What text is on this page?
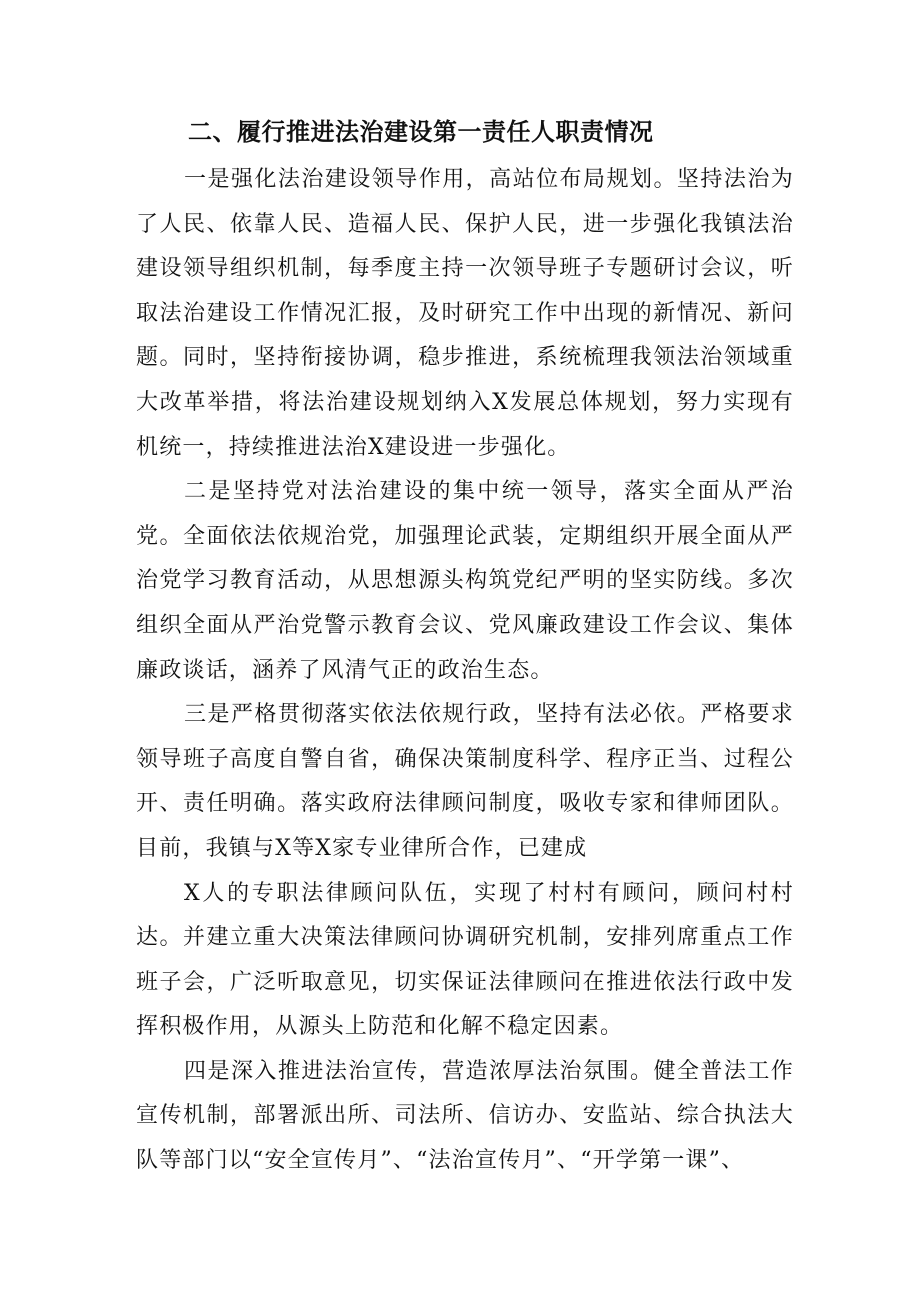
二、履行推进法治建设第一责任人职责情况

一是强化法治建设领导作用，高站位布局规划。坚持法治为了人民、依靠人民、造福人民、保护人民，进一步强化我镇法治建设领导组织机制，每季度主持一次领导班子专题研讨会议，听取法治建设工作情况汇报，及时研究工作中出现的新情况、新问题。同时，坚持衔接协调，稳步推进，系统梳理我领法治领域重大改革举措，将法治建设规划纳入X发展总体规划，努力实现有机统一，持续推进法治X建设进一步强化。

二是坚持党对法治建设的集中统一领导，落实全面从严治党。全面依法依规治党，加强理论武装，定期组织开展全面从严治党学习教育活动，从思想源头构筑党纪严明的坚实防线。多次组织全面从严治党警示教育会议、党风廉政建设工作会议、集体廉政谈话，涵养了风清气正的政治生态。

三是严格贯彻落实依法依规行政，坚持有法必依。严格要求领导班子高度自警自省，确保决策制度科学、程序正当、过程公开、责任明确。落实政府法律顾问制度，吸收专家和律师团队。目前，我镇与X等X家专业律所合作，已建成

X人的专职法律顾问队伍，实现了村村有顾问，顾问村村达。并建立重大决策法律顾问协调研究机制，安排列席重点工作班子会，广泛听取意见，切实保证法律顾问在推进依法行政中发挥积极作用，从源头上防范和化解不稳定因素。

四是深入推进法治宣传，营造浓厚法治氛围。健全普法工作宣传机制，部署派出所、司法所、信访办、安监站、综合执法大队等部门以“安全宣传月”、“法治宣传月”、“开学第一课”、
